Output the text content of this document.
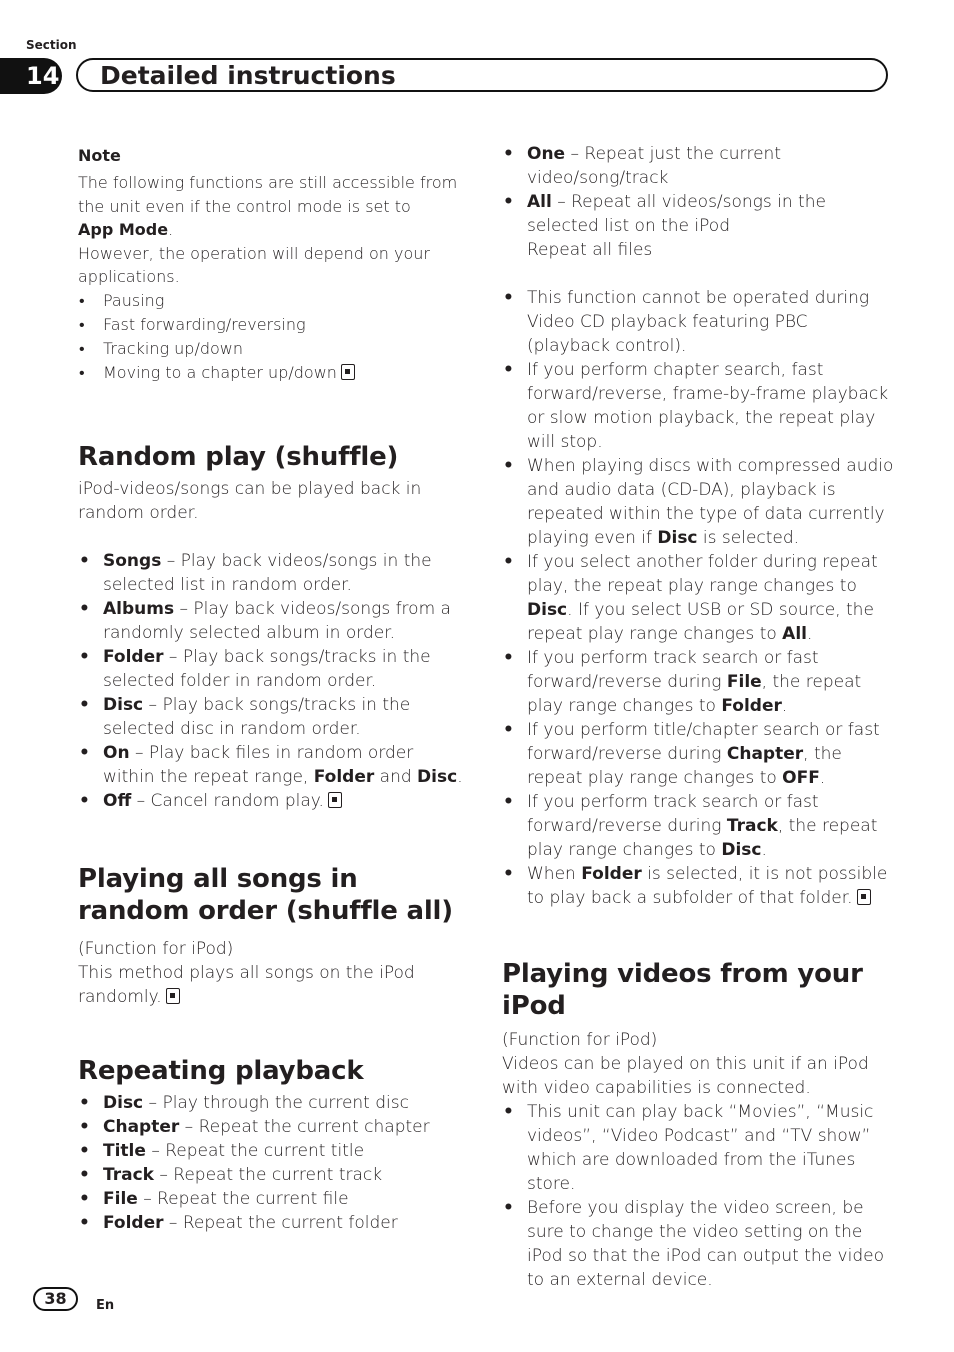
Section
14 Detailed instructions
Note
The following functions are still accessible from the unit even if the control mode is set to
App Mode.
However, the operation will depend on your applications.
• Pausing
• Fast forwarding/reversing
• Tracking up/down
• Moving to a chapter up/down
Random play (shuffle)

iPod-videos/songs can be played back in random order.

• Songs – Play back videos/songs in the selected list in random order.
• Albums – Play back videos/songs from a randomly selected album in order.
• Folder – Play back songs/tracks in the selected folder in random order.
• Disc – Play back songs/tracks in the selected disc in random order.
• On – Play back files in random order within the repeat range, Folder and Disc.
• Off – Cancel random play.
Playing all songs in random order (shuffle all)

(Function for iPod)

This method plays all songs on the iPod randomly.

Repeating playback
• Disc – Play through the current disc
• Chapter – Repeat the current chapter
• Title – Repeat the current title
• Track – Repeat the current track
• File – Repeat the current file
• Folder – Repeat the current folder
• One – Repeat just the current video/song/track
• All – Repeat all videos/songs in the selected list on the iPod
Repeat all files
• This function cannot be operated during Video CD playback featuring PBC (playback control).
• If you perform chapter search, fast forward/reverse, frame-by-frame playback or slow motion playback, the repeat play will stop.
• When playing discs with compressed audio and audio data (CD-DA), playback is repeated within the type of data currently playing even if Disc is selected.
• If you select another folder during repeat play, the repeat play range changes to Disc. If you select USB or SD source, the repeat play range changes to All.
• If you perform track search or fast forward/reverse during File, the repeat play range changes to Folder.
• If you perform title/chapter search or fast forward/reverse during Chapter, the repeat play range changes to OFF.
• If you perform track search or fast forward/reverse during Track, the repeat play range changes to Disc.
• When Folder is selected, it is not possible to play back a subfolder of that folder.
Playing videos from your iPod

(Function for iPod)

Videos can be played on this unit if an iPod with video capabilities is connected.

• This unit can play back “Movies”, “Music videos”, “Video Podcast” and “TV show” which are downloaded from the iTunes store.
• Before you display the video screen, be sure to change the video setting on the iPod so that the iPod can output the video to an external device.
38	En
